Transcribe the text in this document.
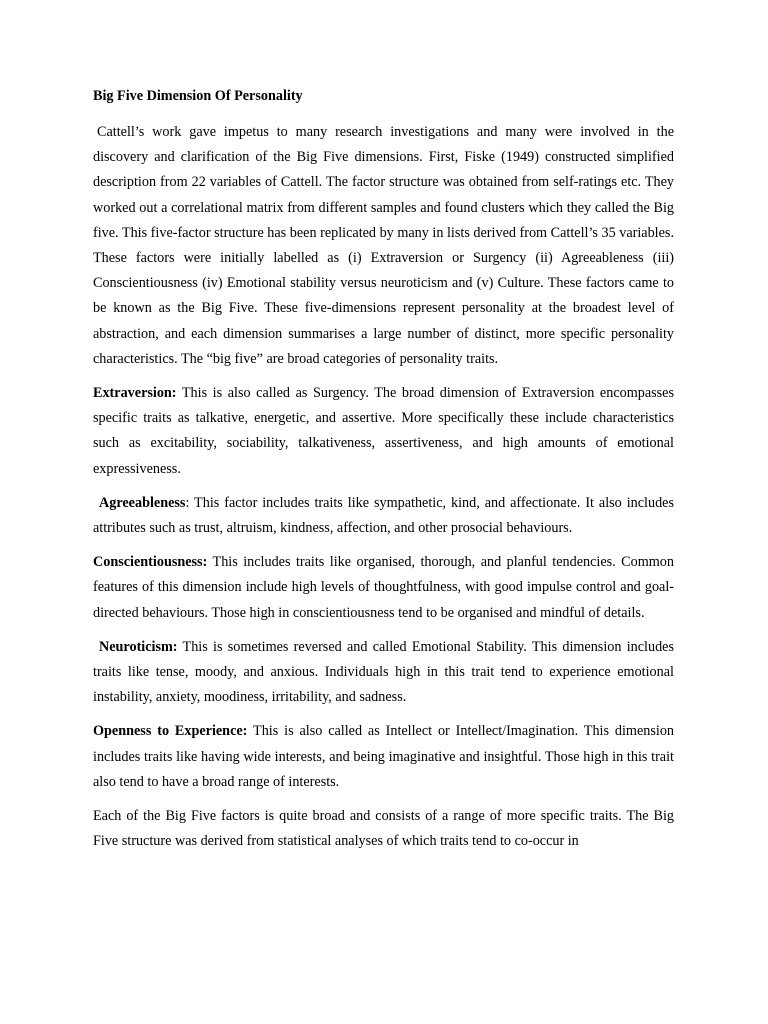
Big Five Dimension Of Personality

Cattell’s work gave impetus to many research investigations and many were involved in the discovery and clarification of the Big Five dimensions. First, Fiske (1949) constructed simplified description from 22 variables of Cattell. The factor structure was obtained from self-ratings etc. They worked out a correlational matrix from different samples and found clusters which they called the Big five. This five-factor structure has been replicated by many in lists derived from Cattell’s 35 variables. These factors were initially labelled as (i) Extraversion or Surgency (ii) Agreeableness (iii) Conscientiousness (iv) Emotional stability versus neuroticism and (v) Culture. These factors came to be known as the Big Five. These five-dimensions represent personality at the broadest level of abstraction, and each dimension summarises a large number of distinct, more specific personality characteristics. The “big five” are broad categories of personality traits.

Extraversion: This is also called as Surgency. The broad dimension of Extraversion encompasses specific traits as talkative, energetic, and assertive. More specifically these include characteristics such as excitability, sociability, talkativeness, assertiveness, and high amounts of emotional expressiveness.

Agreeableness: This factor includes traits like sympathetic, kind, and affectionate. It also includes attributes such as trust, altruism, kindness, affection, and other prosocial behaviours.

Conscientiousness: This includes traits like organised, thorough, and planful tendencies. Common features of this dimension include high levels of thoughtfulness, with good impulse control and goal-directed behaviours. Those high in conscientiousness tend to be organised and mindful of details.

Neuroticism: This is sometimes reversed and called Emotional Stability. This dimension includes traits like tense, moody, and anxious. Individuals high in this trait tend to experience emotional instability, anxiety, moodiness, irritability, and sadness.

Openness to Experience: This is also called as Intellect or Intellect/Imagination. This dimension includes traits like having wide interests, and being imaginative and insightful. Those high in this trait also tend to have a broad range of interests.

Each of the Big Five factors is quite broad and consists of a range of more specific traits. The Big Five structure was derived from statistical analyses of which traits tend to co-occur in
